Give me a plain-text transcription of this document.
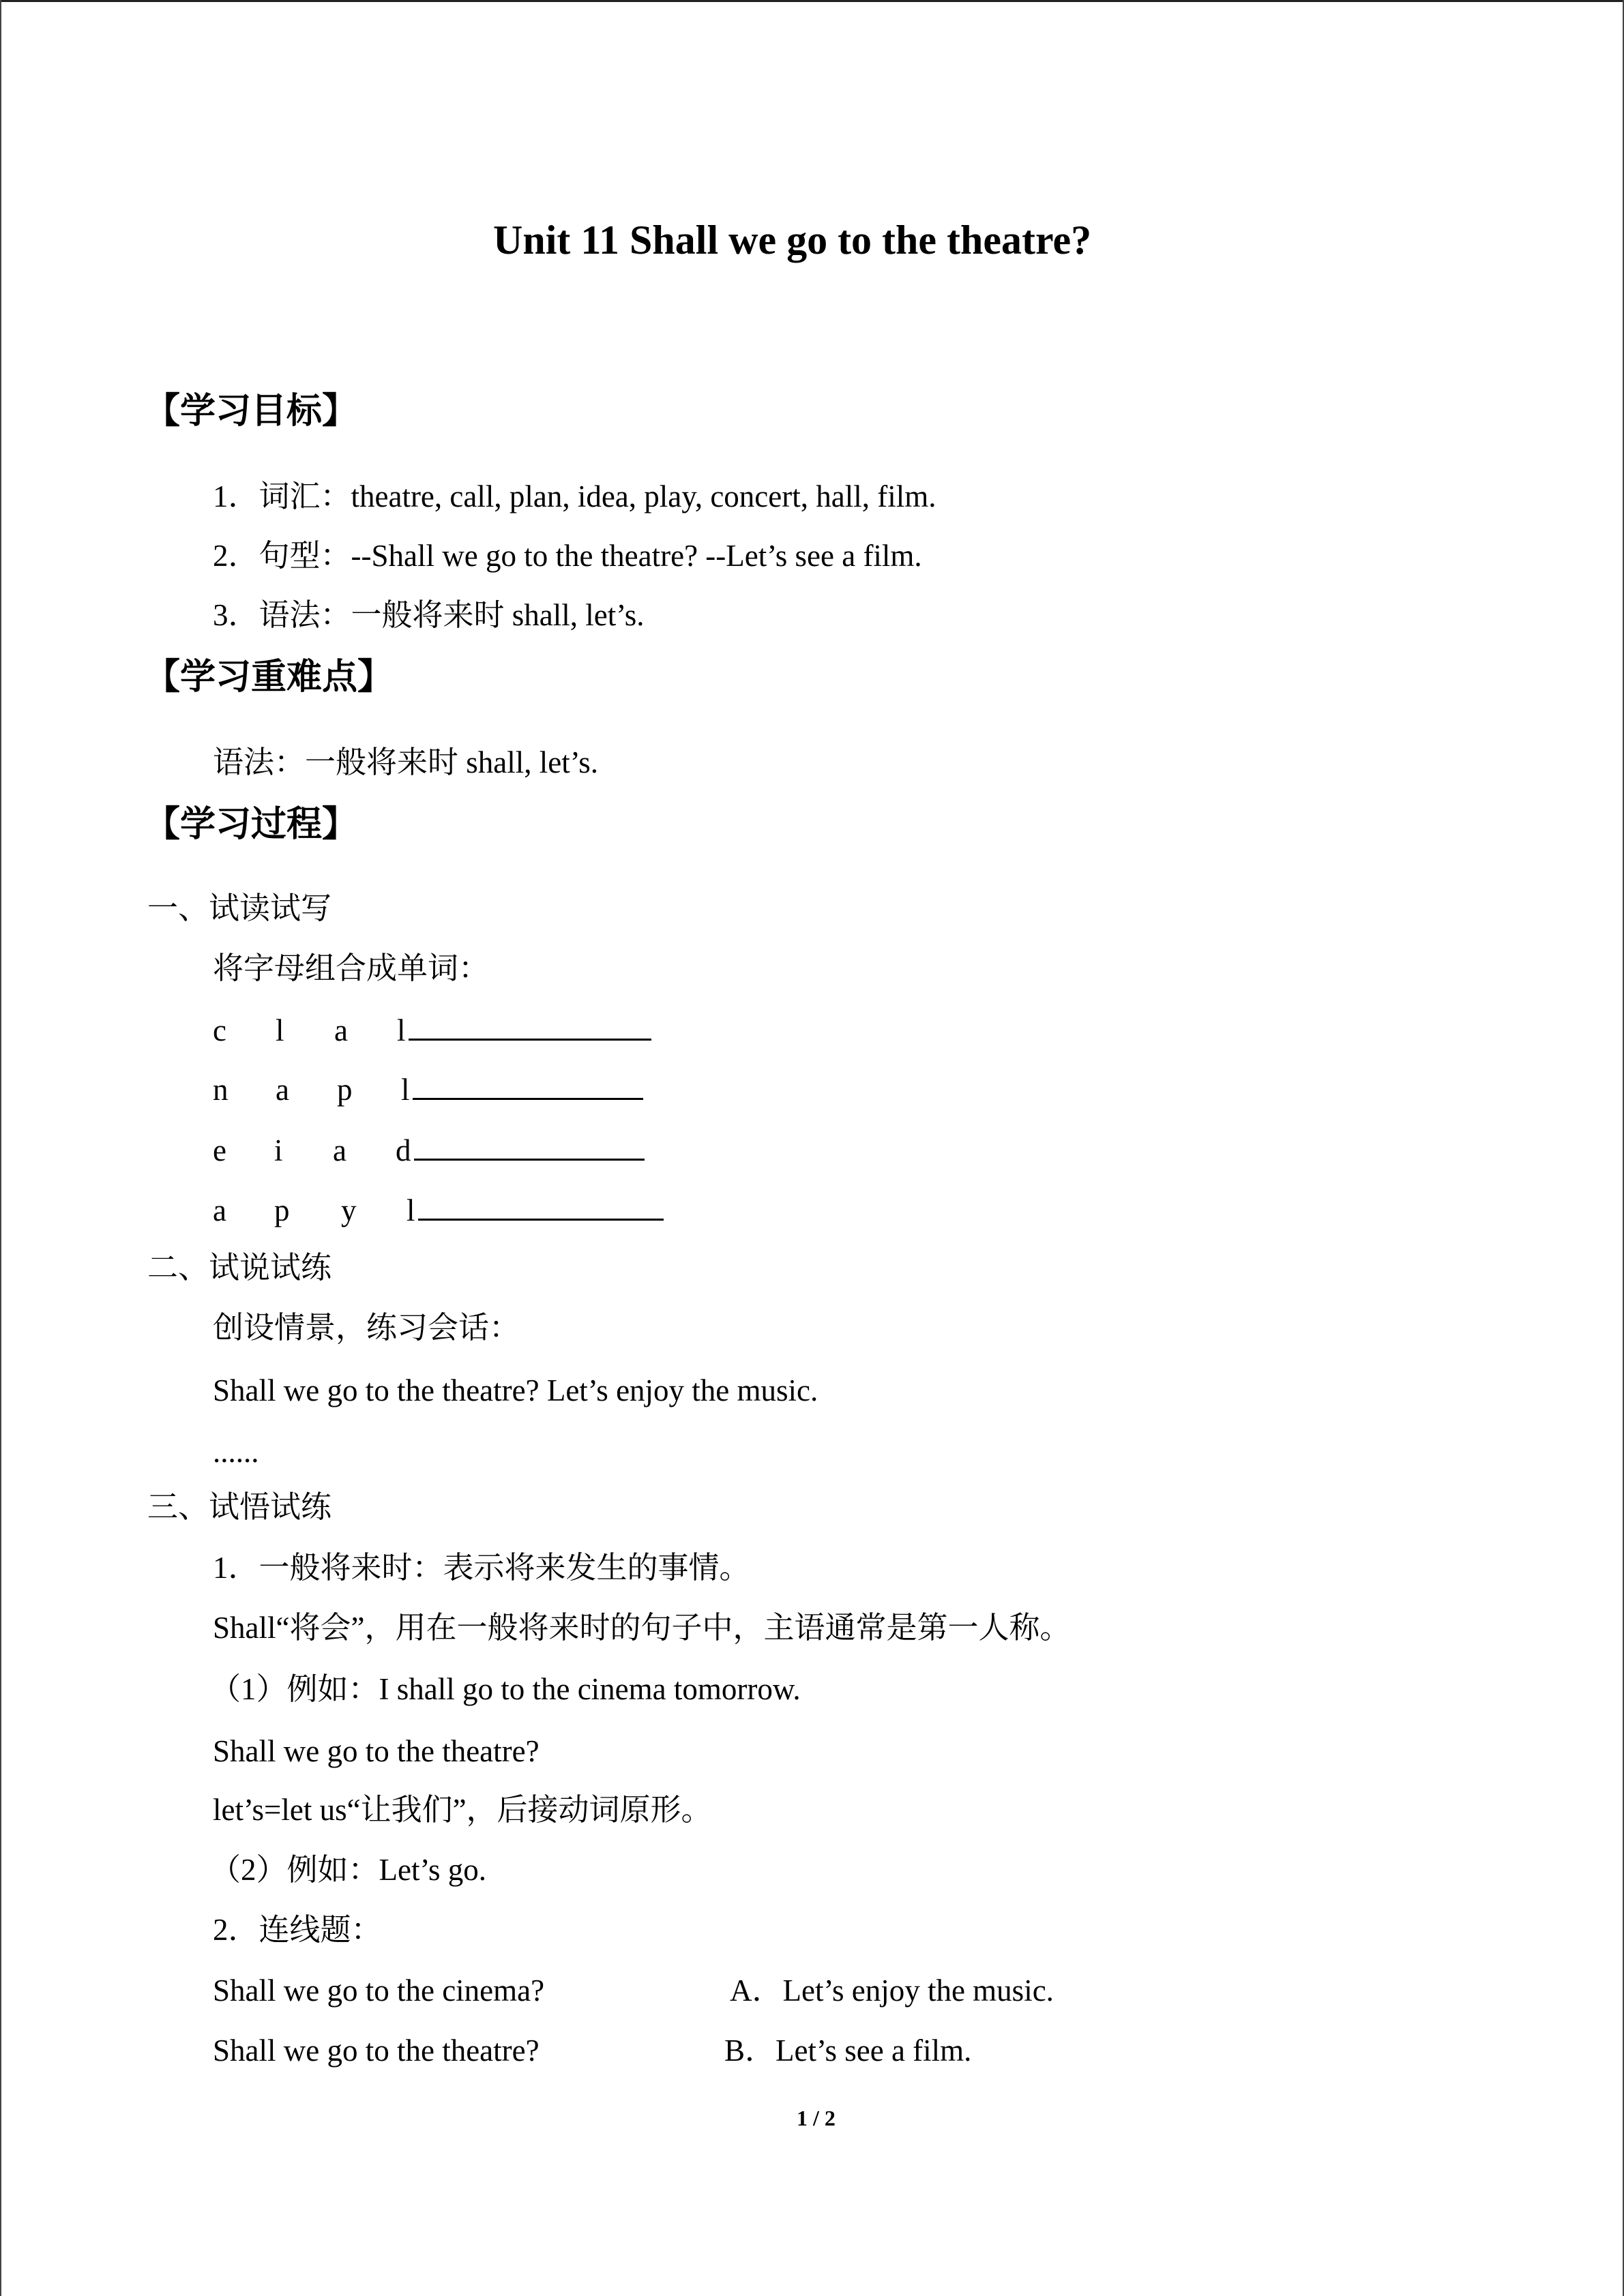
Unit 11 Shall we go to the theatre?
【学习目标】
1．词汇：theatre, call, plan, idea, play, concert, hall, film.
2．句型：--Shall we go to the theatre? --Let’s see a film.
3．语法：一般将来时 shall, let’s.
【学习重难点】
语法：一般将来时 shall, let’s.
【学习过程】
一、试读试写
将字母组合成单词：
c l a l
n a p l
e i a d
a p y l
二、试说试练
创设情景，练习会话：
Shall we go to the theatre? Let’s enjoy the music.
......
三、试悟试练
1．一般将来时：表示将来发生的事情。
Shall“将会”，用在一般将来时的句子中，主语通常是第一人称。
（1）例如：I shall go to the cinema tomorrow.
Shall we go to the theatre?
let’s=let us“让我们”，后接动词原形。
（2）例如：Let’s go.
2．连线题：
Shall we go to the cinema?	A．Let’s enjoy the music.
Shall we go to the theatre?	B．Let’s see a film.
1 / 2
